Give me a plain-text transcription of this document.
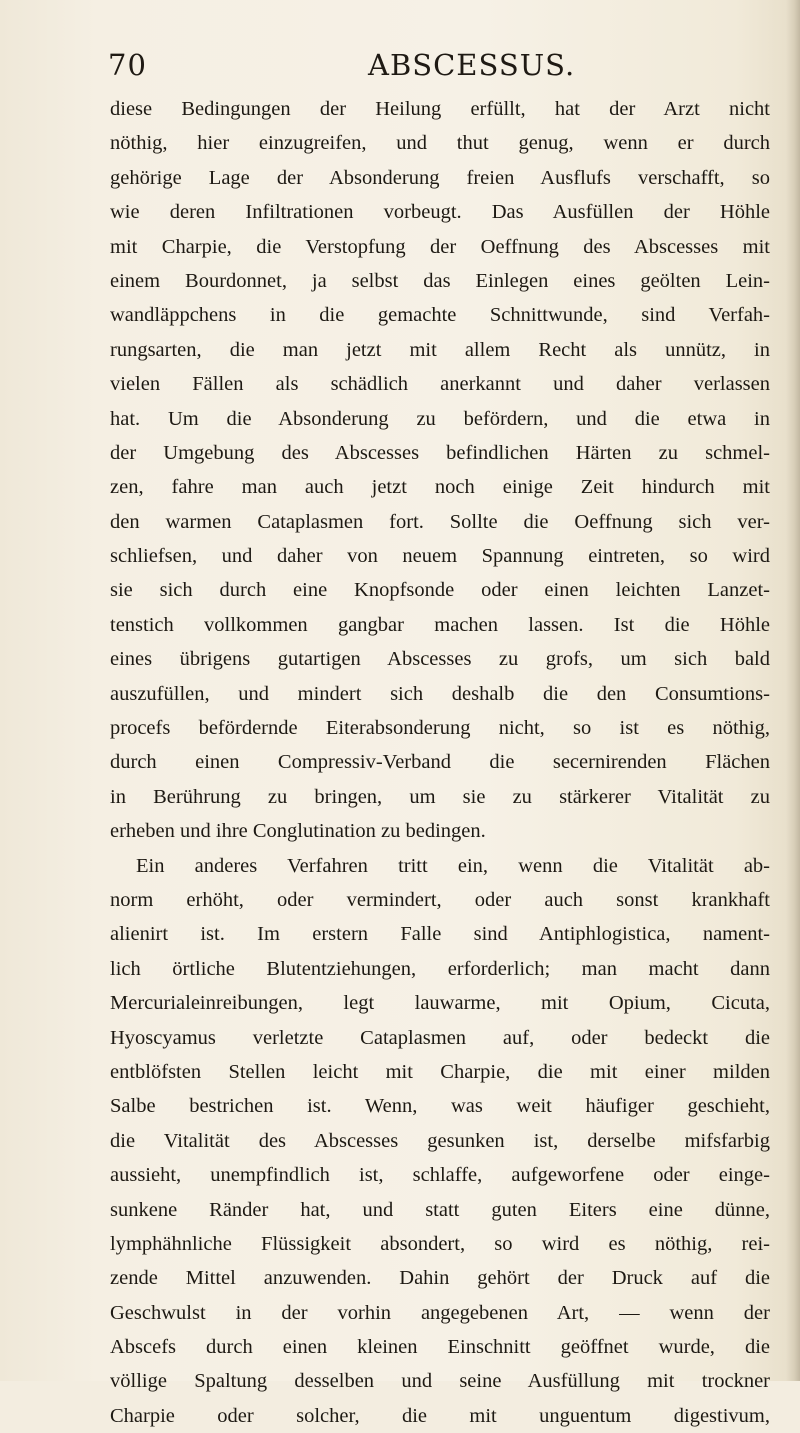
70	ABSCESSUS.
diese Bedingungen der Heilung erfüllt, hat der Arzt nicht
nöthig, hier einzugreifen, und thut genug, wenn er durch
gehörige Lage der Absonderung freien Ausflufs verschafft, so
wie deren Infiltrationen vorbeugt. Das Ausfüllen der Höhle
mit Charpie, die Verstopfung der Oeffnung des Abscesses mit
einem Bourdonnet, ja selbst das Einlegen eines geölten Lein-
wandläppchens in die gemachte Schnittwunde, sind Verfah-
rungsarten, die man jetzt mit allem Recht als unnütz, in
vielen Fällen als schädlich anerkannt und daher verlassen
hat. Um die Absonderung zu befördern, und die etwa in
der Umgebung des Abscesses befindlichen Härten zu schmel-
zen, fahre man auch jetzt noch einige Zeit hindurch mit
den warmen Cataplasmen fort. Sollte die Oeffnung sich ver-
schliefsen, und daher von neuem Spannung eintreten, so wird
sie sich durch eine Knopfsonde oder einen leichten Lanzet-
tenstich vollkommen gangbar machen lassen. Ist die Höhle
eines übrigens gutartigen Abscesses zu grofs, um sich bald
auszufüllen, und mindert sich deshalb die den Consumtions-
procefs befördernde Eiterabsonderung nicht, so ist es nöthig,
durch einen Compressiv-Verband die secernirenden Flächen
in Berührung zu bringen, um sie zu stärkerer Vitalität zu
erheben und ihre Conglutination zu bedingen.
Ein anderes Verfahren tritt ein, wenn die Vitalität ab-
norm erhöht, oder vermindert, oder auch sonst krankhaft
alienirt ist. Im erstern Falle sind Antiphlogistica, nament-
lich örtliche Blutentziehungen, erforderlich; man macht dann
Mercurialeinreibungen, legt lauwarme, mit Opium, Cicuta,
Hyoscyamus verletzte Cataplasmen auf, oder bedeckt die
entblöfsten Stellen leicht mit Charpie, die mit einer milden
Salbe bestrichen ist. Wenn, was weit häufiger geschieht,
die Vitalität des Abscesses gesunken ist, derselbe mifsfarbig
aussieht, unempfindlich ist, schlaffe, aufgeworfene oder einge-
sunkene Ränder hat, und statt guten Eiters eine dünne,
lymphähnliche Flüssigkeit absondert, so wird es nöthig, rei-
zende Mittel anzuwenden. Dahin gehört der Druck auf die
Geschwulst in der vorhin angegebenen Art, — wenn der
Abscefs durch einen kleinen Einschnitt geöffnet wurde, die
völlige Spaltung desselben und seine Ausfüllung mit trockner
Charpie oder solcher, die mit unguentum digestivum,
